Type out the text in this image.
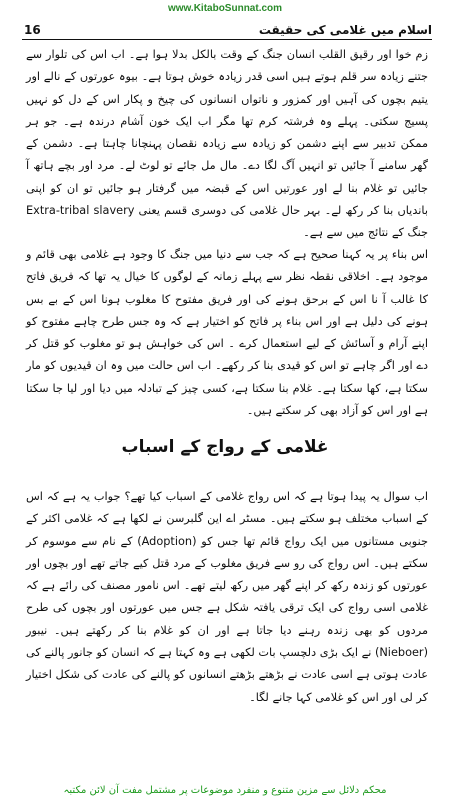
www.KitaboSunnat.com
16	اسلام میں غلامی کی حقیقت

زم خوا اور رقیق القلب انسان جنگ کے وقت بالکل بدلا ہوا ہے۔ اب اس کی تلوار سے جتنے زیادہ سر قلم ہوتے ہیں اسی قدر زیادہ خوش ہوتا ہے۔ بیوہ عورتوں کے نالے اور یتیم بچوں کی آہیں اور کمزور و ناتواں انسانوں کی چیخ و پکار اس کے دل کو نہیں پسیج سکتی۔ پہلے وہ فرشتہ کرم تھا مگر اب ایک خون آشام درندہ ہے۔ جو ہر ممکن تدبیر سے اپنے دشمن کو زیادہ سے زیادہ نقصان پہنچانا چاہتا ہے۔ دشمن کے گھر سامنے آ جائیں تو انہیں آگ لگا دے۔ مال مل جائے تو لوٹ لے۔ مرد اور بچے ہاتھ آ جائیں تو غلام بنا لے اور عورتیں اس کے قبضہ میں گرفتار ہو جائیں تو ان کو اپنی باندیاں بنا کر رکھ لے۔ بہر حال غلامی کی دوسری قسم یعنی Extra-tribal slavery جنگ کے نتائج میں سے ہے۔

اس بناء پر یہ کہنا صحیح ہے کہ جب سے دنیا میں جنگ کا وجود ہے غلامی بھی قائم و موجود ہے۔ اخلاقی نقطہ نظر سے پہلے زمانہ کے لوگوں کا خیال یہ تھا کہ فریق فاتح کا غالب آ نا اس کے برحق ہونے کی اور فریق مفتوح کا مغلوب ہونا اس کے بے بس ہونے کی دلیل ہے اور اس بناء پر فاتح کو اختیار ہے کہ وہ جس طرح چاہے مفتوح کو اپنے آرام و آسائش کے لیے استعمال کرے ۔ اس کی خواہش ہو تو مغلوب کو قتل کر دے اور اگر چاہے تو اس کو قیدی بنا کر رکھے۔ اب اس حالت میں وہ ان قیدیوں کو مار سکتا ہے، کھا سکتا ہے۔ غلام بنا سکتا ہے، کسی چیز کے تبادلہ میں دیا اور لیا جا سکتا ہے اور اس کو آزاد بھی کر سکتے ہیں۔

غلامی کے رواج کے اسباب

اب سوال یہ پیدا ہوتا ہے کہ اس رواج غلامی کے اسباب کیا تھے؟ جواب یہ ہے کہ اس کے اسباب مختلف ہو سکتے ہیں۔ مسٹر اے این گلبرسن نے لکھا ہے کہ غلامی اکثر کے جنوبی مستانوں میں ایک رواج قائم تھا جس کو (Adoption) کے نام سے موسوم کر سکتے ہیں۔ اس رواج کی رو سے فریق مغلوب کے مرد قتل کیے جاتے تھے اور بچوں اور عورتوں کو زندہ رکھ کر اپنے گھر میں رکھ لیتے تھے۔ اس نامور مصنف کی رائے ہے کہ غلامی اسی رواج کی ایک ترقی یافتہ شکل ہے جس میں عورتوں اور بچوں کی طرح مردوں کو بھی زندہ رہنے دیا جاتا ہے اور ان کو غلام بنا کر رکھتے ہیں۔ نیبور (Nieboer) نے ایک بڑی دلچسپ بات لکھی ہے وہ کہتا ہے کہ انسان کو جانور پالنے کی عادت ہوتی ہے اسی عادت نے بڑھتے بڑھتے انسانوں کو پالنے کی عادت کی شکل اختیار کر لی اور اس کو غلامی کہا جانے لگا۔

محکم دلائل سے مزین متنوع و منفرد موضوعات پر مشتمل مفت آن لائن مکتبہ
